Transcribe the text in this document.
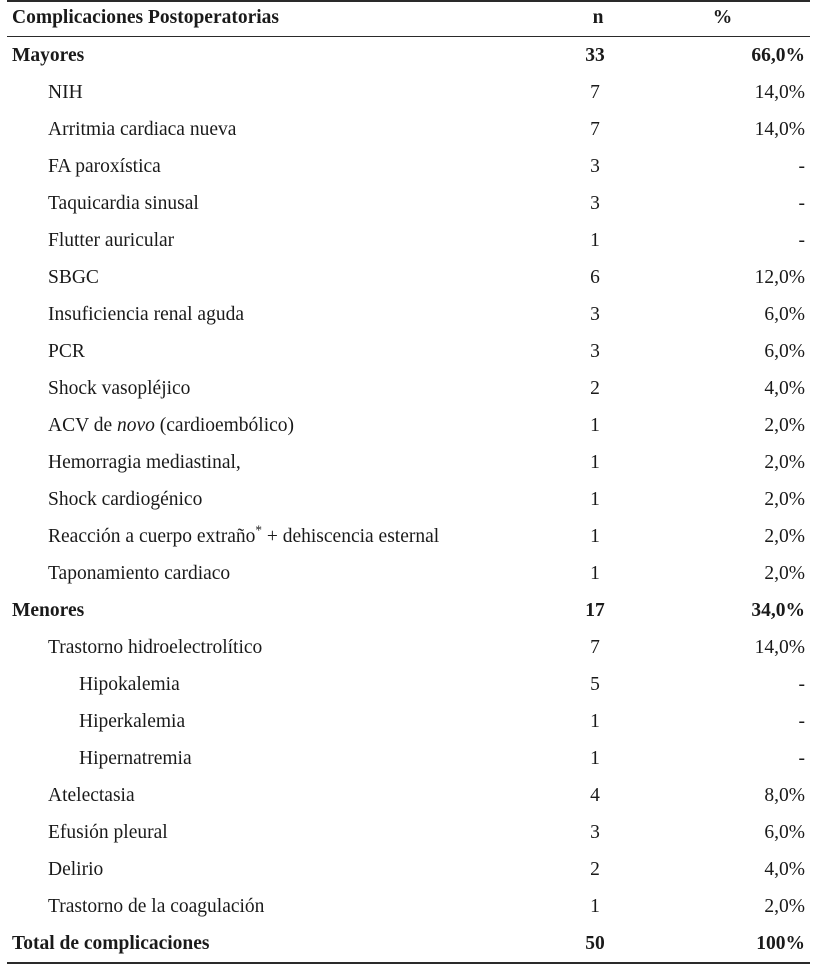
Complicaciones Postoperatorias	n	%
Mayores	33	66,0%
NIH	7	14,0%
Arritmia cardiaca nueva	7	14,0%
FA paroxística	3	-
Taquicardia sinusal	3	-
Flutter auricular	1	-
SBGC	6	12,0%
Insuficiencia renal aguda	3	6,0%
PCR	3	6,0%
Shock vasopléjico	2	4,0%
ACV de novo (cardioembólico)	1	2,0%
Hemorragia mediastinal,	1	2,0%
Shock cardiogénico	1	2,0%
Reacción a cuerpo extraño* + dehiscencia esternal	1	2,0%
Taponamiento cardiaco	1	2,0%
Menores	17	34,0%
Trastorno hidroelectrolítico	7	14,0%
Hipokalemia	5	-
Hiperkalemia	1	-
Hipernatremia	1	-
Atelectasia	4	8,0%
Efusión pleural	3	6,0%
Delirio	2	4,0%
Trastorno de la coagulación	1	2,0%
Total de complicaciones	50	100%
